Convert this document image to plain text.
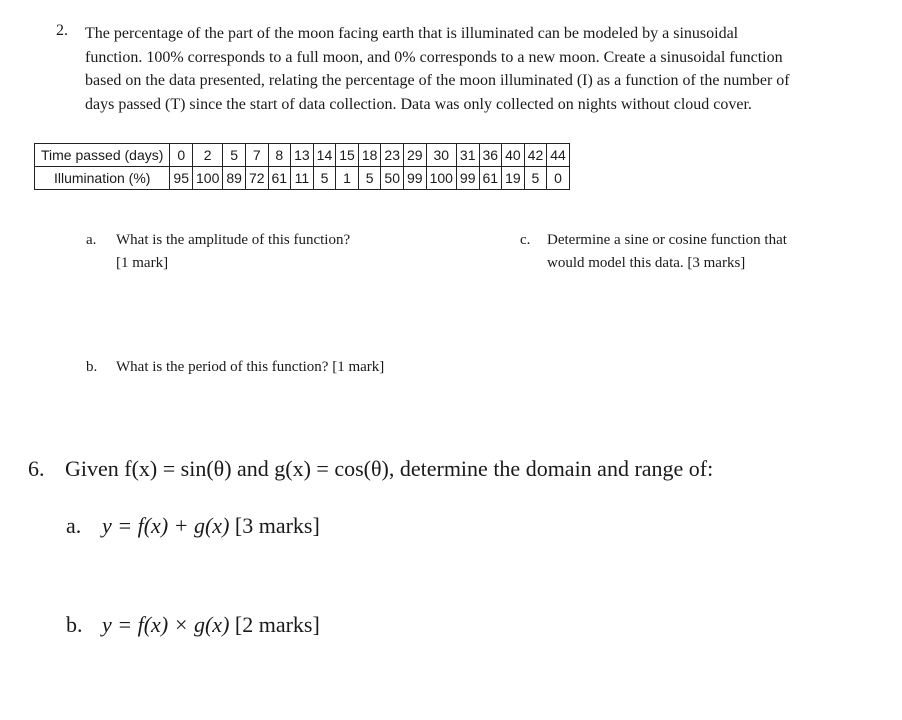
2. The percentage of the part of the moon facing earth that is illuminated can be modeled by a sinusoidal
function. 100% corresponds to a full moon, and 0% corresponds to a new moon. Create a sinusoidal function
based on the data presented, relating the percentage of the moon illuminated (I) as a function of the number of
days passed (T) since the start of data collection. Data was only collected on nights without cloud cover.
Time passed (days)	0	2	5	7	8	13	14	15	18	23	29	30	31	36	40	42	44
Illumination (%)	95	100	89	72	61	11	5	1	5	50	99	100	99	61	19	5	0
a. What is the amplitude of this function?
[1 mark]
c. Determine a sine or cosine function that
would model this data. [3 marks]
b. What is the period of this function? [1 mark]
6. Given f(x) = sin(θ) and g(x) = cos(θ), determine the domain and range of:
a. y = f(x) + g(x) [3 marks]
b. y = f(x) × g(x) [2 marks]
